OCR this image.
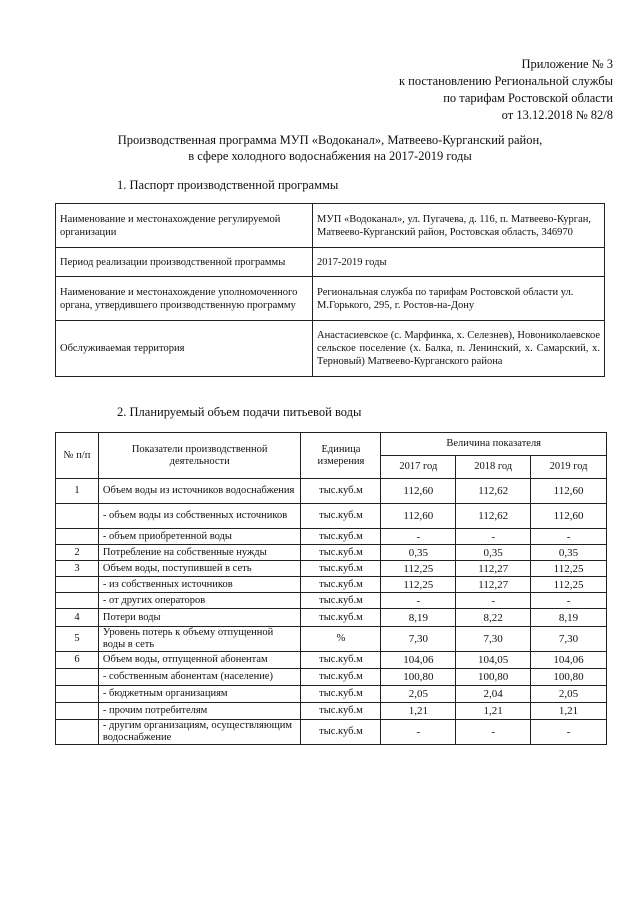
Приложение № 3
к постановлению Региональной службы
по тарифам Ростовской области
от 13.12.2018 № 82/8
Производственная программа МУП «Водоканал», Матвеево-Курганский район,
в сфере холодного водоснабжения на 2017-2019 годы
1. Паспорт производственной программы
Наименование и местонахождение регулируемой организации	МУП «Водоканал», ул. Пугачева, д. 116, п. Матвеево-Курган, Матвеево-Курганский район, Ростовская область, 346970
Период реализации производственной программы	2017-2019 годы
Наименование и местонахождение уполномоченного органа, утвердившего производственную программу	Региональная служба по тарифам Ростовской области ул. М.Горького, 295, г. Ростов-на-Дону
Обслуживаемая территория	Анастасиевское (с. Марфинка, х. Селезнев), Новониколаевское сельское поселение (х. Балка, п. Ленинский, х. Самарский, х. Терновый) Матвеево-Курганского района
2. Планируемый объем подачи питьевой воды
№ п/п	Показатели производственной деятельности	Единица измерения	Величина показателя		
			2017 год	2018 год	2019 год
1	Объем воды из источников водоснабжения	тыс.куб.м	112,60	112,62	112,60
	- объем воды из собственных источников	тыс.куб.м	112,60	112,62	112,60
	- объем приобретенной воды	тыс.куб.м	-	-	-
2	Потребление на собственные нужды	тыс.куб.м	0,35	0,35	0,35
3	Объем воды, поступившей в сеть	тыс.куб.м	112,25	112,27	112,25
	- из собственных источников	тыс.куб.м	112,25	112,27	112,25
	- от других операторов	тыс.куб.м	-	-	-
4	Потери воды	тыс.куб.м	8,19	8,22	8,19
5	Уровень потерь к объему отпущенной воды в сеть	%	7,30	7,30	7,30
6	Объем воды, отпущенной абонентам	тыс.куб.м	104,06	104,05	104,06
	- собственным абонентам (население)	тыс.куб.м	100,80	100,80	100,80
	- бюджетным организациям	тыс.куб.м	2,05	2,04	2,05
	- прочим потребителям	тыс.куб.м	1,21	1,21	1,21
	- другим организациям, осуществляющим водоснабжение	тыс.куб.м	-	-	-
